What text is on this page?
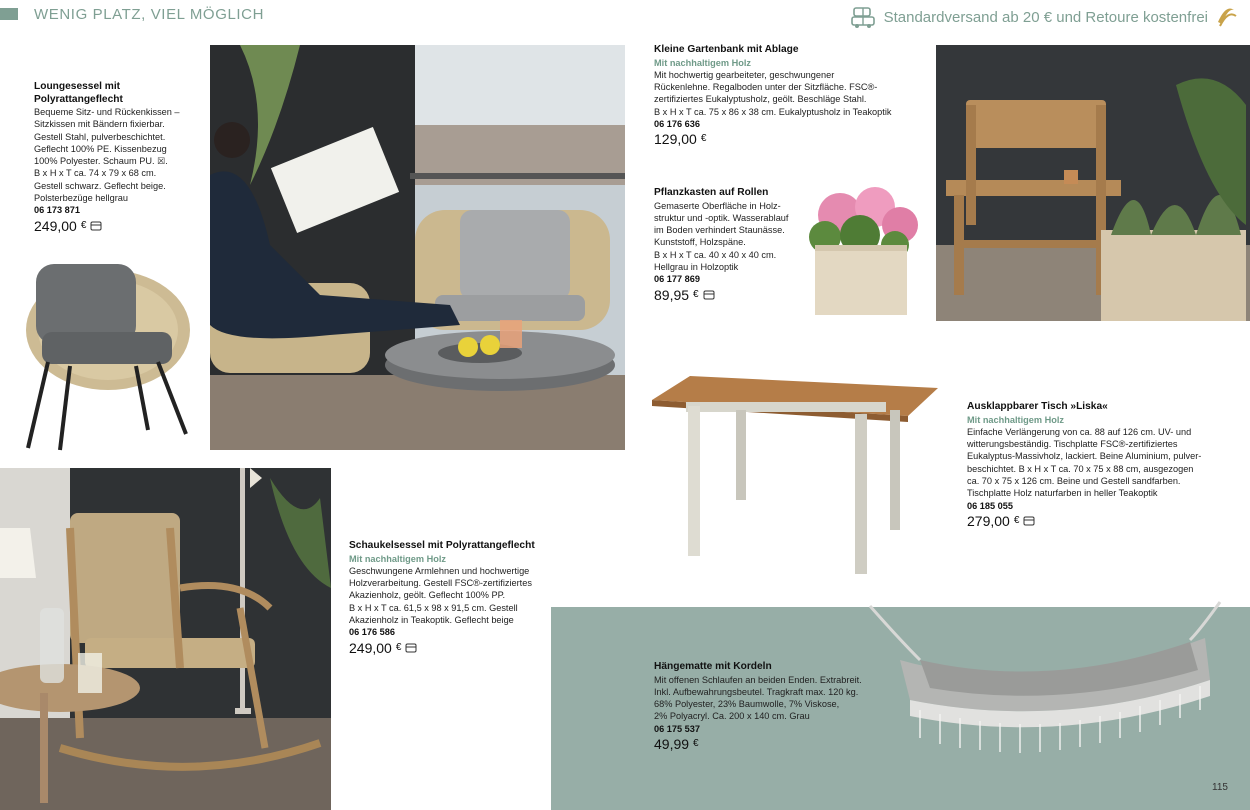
WENIG PLATZ, VIEL MÖGLICH	Standardversand ab 20 € und Retoure kostenfrei
Loungesessel mit
Polyrattangeflecht
Bequeme Sitz- und Rückenkissen –
Sitzkissen mit Bändern fixierbar.
Gestell Stahl, pulverbeschichtet.
Geflecht 100% PE. Kissenbezug
100% Polyester. Schaum PU. ☒.
B x H x T ca. 74 x 79 x 68 cm.
Gestell schwarz. Geflecht beige.
Polsterbezüge hellgrau
06 173 871
249,00 €
Kleine Gartenbank mit Ablage
Mit nachhaltigem Holz
Mit hochwertig gearbeiteter, geschwungener
Rückenlehne. Regalboden unter der Sitzfläche. FSC®-
zertifiziertes Eukalyptusholz, geölt. Beschläge Stahl.
B x H x T ca. 75 x 86 x 38 cm. Eukalyptusholz in Teakoptik
06 176 636
129,00 €
Pflanzkasten auf Rollen
Gemaserte Oberfläche in Holz-
struktur und -optik. Wasserablauf
im Boden verhindert Staunässe.
Kunststoff, Holzspäne.
B x H x T ca. 40 x 40 x 40 cm.
Hellgrau in Holzoptik
06 177 869
89,95 €
Ausklappbarer Tisch »Liska«
Mit nachhaltigem Holz
Einfache Verlängerung von ca. 88 auf 126 cm. UV- und
witterungsbeständig. Tischplatte FSC®-zertifiziertes
Eukalyptus-Massivholz, lackiert. Beine Aluminium, pulver-
beschichtet. B x H x T ca. 70 x 75 x 88 cm, ausgezogen
ca. 70 x 75 x 126 cm. Beine und Gestell sandfarben.
Tischplatte Holz naturfarben in heller Teakoptik
06 185 055
279,00 €
Schaukelsessel mit Polyrattangeflecht
Mit nachhaltigem Holz
Geschwungene Armlehnen und hochwertige
Holzverarbeitung. Gestell FSC®-zertifiziertes
Akazienholz, geölt. Geflecht 100% PP.
B x H x T ca. 61,5 x 98 x 91,5 cm. Gestell
Akazienholz in Teakoptik. Geflecht beige
06 176 586
249,00 €
Hängematte mit Kordeln
Mit offenen Schlaufen an beiden Enden. Extrabreit.
Inkl. Aufbewahrungsbeutel. Tragkraft max. 120 kg.
68% Polyester, 23% Baumwolle, 7% Viskose,
2% Polyacryl. Ca. 200 x 140 cm. Grau
06 175 537
49,99 €
115
